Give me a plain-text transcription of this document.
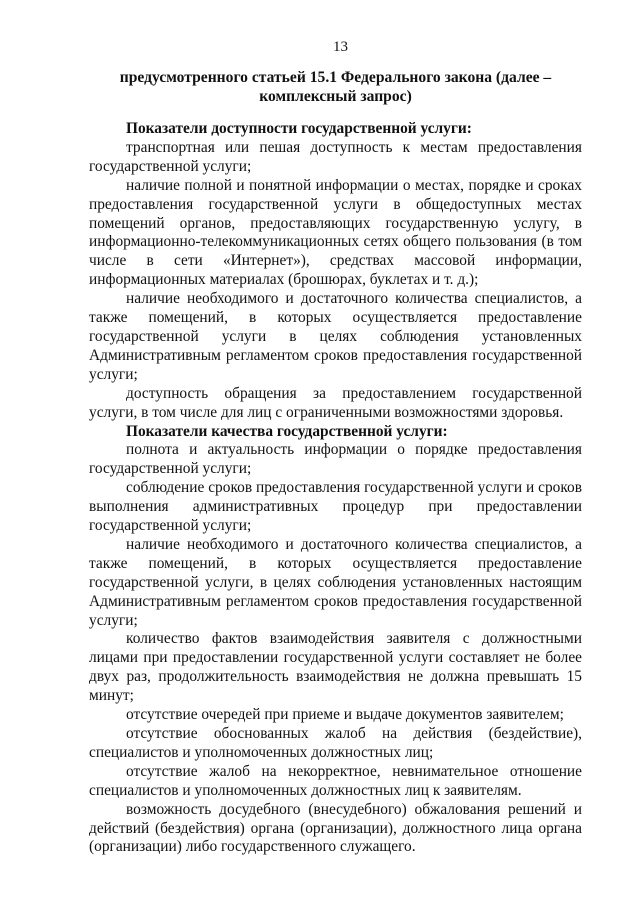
13
предусмотренного статьей 15.1 Федерального закона (далее –
комплексный запрос)

Показатели доступности государственной услуги:

транспортная или пешая доступность к местам предоставления государственной услуги;

наличие полной и понятной информации о местах, порядке и сроках предоставления государственной услуги в общедоступных местах помещений органов, предоставляющих государственную услугу, в информационно-телекоммуникационных сетях общего пользования (в том числе в сети «Интернет»), средствах массовой информации, информационных материалах (брошюрах, буклетах и т. д.);

наличие необходимого и достаточного количества специалистов, а также помещений, в которых осуществляется предоставление государственной услуги в целях соблюдения установленных Административным регламентом сроков предоставления государственной услуги;

доступность обращения за предоставлением государственной услуги, в том числе для лиц с ограниченными возможностями здоровья.

Показатели качества государственной услуги:

полнота и актуальность информации о порядке предоставления государственной услуги;

соблюдение сроков предоставления государственной услуги и сроков выполнения административных процедур при предоставлении государственной услуги;

наличие необходимого и достаточного количества специалистов, а также помещений, в которых осуществляется предоставление государственной услуги, в целях соблюдения установленных настоящим Административным регламентом сроков предоставления государственной услуги;

количество фактов взаимодействия заявителя с должностными лицами при предоставлении государственной услуги составляет не более двух раз, продолжительность взаимодействия не должна превышать 15 минут;

отсутствие очередей при приеме и выдаче документов заявителем;

отсутствие обоснованных жалоб на действия (бездействие), специалистов и уполномоченных должностных лиц;

отсутствие жалоб на некорректное, невнимательное отношение специалистов и уполномоченных должностных лиц к заявителям.

возможность досудебного (внесудебного) обжалования решений и действий (бездействия) органа (организации), должностного лица органа (организации) либо государственного служащего.
